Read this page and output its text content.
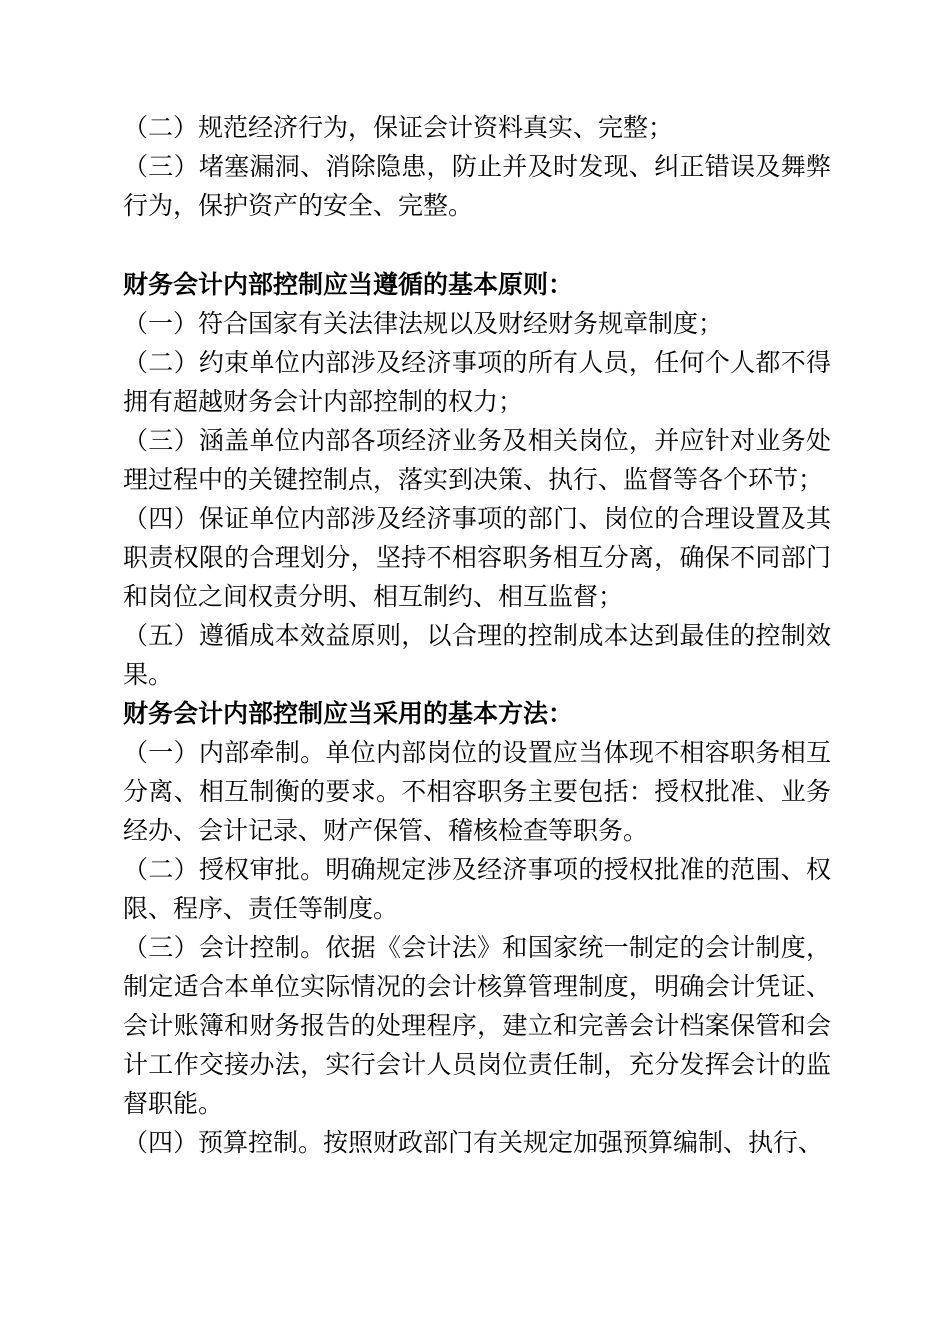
（二）规范经济行为，保证会计资料真实、完整；

（三）堵塞漏洞、消除隐患，防止并及时发现、纠正错误及舞弊行为，保护资产的安全、完整。

财务会计内部控制应当遵循的基本原则：

（一）符合国家有关法律法规以及财经财务规章制度；

（二）约束单位内部涉及经济事项的所有人员，任何个人都不得拥有超越财务会计内部控制的权力；

（三）涵盖单位内部各项经济业务及相关岗位，并应针对业务处理过程中的关键控制点，落实到决策、执行、监督等各个环节；

（四）保证单位内部涉及经济事项的部门、岗位的合理设置及其职责权限的合理划分，坚持不相容职务相互分离，确保不同部门和岗位之间权责分明、相互制约、相互监督；

（五）遵循成本效益原则，以合理的控制成本达到最佳的控制效果。

财务会计内部控制应当采用的基本方法：

（一）内部牵制。单位内部岗位的设置应当体现不相容职务相互分离、相互制衡的要求。不相容职务主要包括：授权批准、业务经办、会计记录、财产保管、稽核检查等职务。

（二）授权审批。明确规定涉及经济事项的授权批准的范围、权限、程序、责任等制度。

（三）会计控制。依据《会计法》和国家统一制定的会计制度，制定适合本单位实际情况的会计核算管理制度，明确会计凭证、会计账簿和财务报告的处理程序，建立和完善会计档案保管和会计工作交接办法，实行会计人员岗位责任制，充分发挥会计的监督职能。

（四）预算控制。按照财政部门有关规定加强预算编制、执行、
